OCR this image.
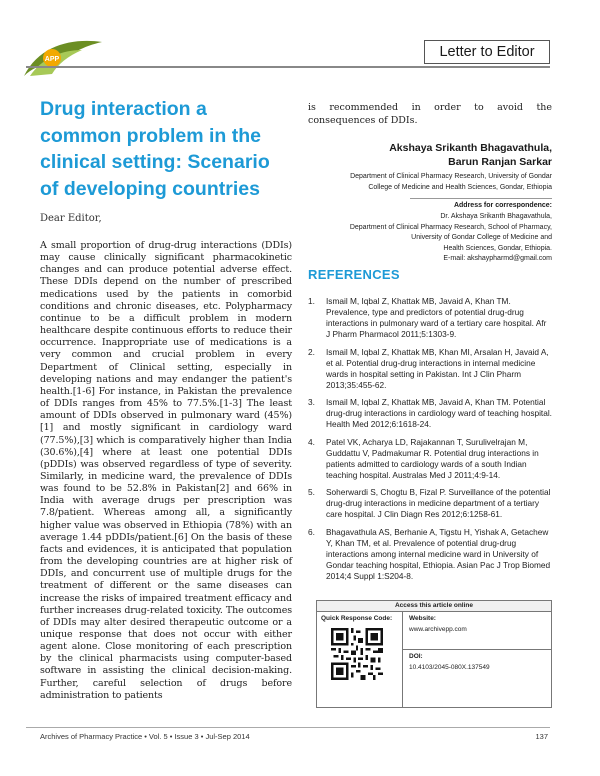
APP	Letter to Editor
Drug interaction a common problem in the clinical setting: Scenario of developing countries
Dear Editor,

A small proportion of drug-drug interactions (DDIs) may cause clinically significant pharmacokinetic changes and can produce potential adverse effect. These DDIs depend on the number of prescribed medications used by the patients in comorbid conditions and chronic diseases, etc. Polypharmacy continue to be a difficult problem in modern healthcare despite continuous efforts to reduce their occurrence. Inappropriate use of medications is a very common and crucial problem in every Department of Clinical setting, especially in developing nations and may endanger the patient's health.[1-6] For instance, in Pakistan the prevalence of DDIs ranges from 45% to 77.5%.[1-3] The least amount of DDIs observed in pulmonary ward (45%)[1] and mostly significant in cardiology ward (77.5%),[3] which is comparatively higher than India (30.6%),[4] where at least one potential DDIs (pDDIs) was observed regardless of type of severity. Similarly, in medicine ward, the prevalence of DDIs was found to be 52.8% in Pakistan[2] and 66% in India with average drugs per prescription was 7.8/patient. Whereas among all, a significantly higher value was observed in Ethiopia (78%) with an average 1.44 pDDIs/patient.[6] On the basis of these facts and evidences, it is anticipated that population from the developing countries are at higher risk of DDIs, and concurrent use of multiple drugs for the treatment of different or the same diseases can increase the risks of impaired treatment efficacy and further increases drug-related toxicity. The outcomes of DDIs may alter desired therapeutic outcome or a unique response that does not occur with either agent alone. Close monitoring of each prescription by the clinical pharmacists using computer-based software in assisting the clinical decision-making. Further, careful selection of drugs before administration to patients

is recommended in order to avoid the consequences of DDIs.
Akshaya Srikanth Bhagavathula,
Barun Ranjan Sarkar
Department of Clinical Pharmacy Research, University of Gondar
College of Medicine and Health Sciences, Gondar, Ethiopia
Address for correspondence:
Dr. Akshaya Srikanth Bhagavathula,
Department of Clinical Pharmacy Research, School of Pharmacy,
University of Gondar College of Medicine and
Health Sciences, Gondar, Ethiopia.
E-mail: akshaypharmd@gmail.com
REFERENCES
1. Ismail M, Iqbal Z, Khattak MB, Javaid A, Khan TM. Prevalence, type and predictors of potential drug-drug interactions in pulmonary ward of a tertiary care hospital. Afr J Pharm Pharmacol 2011;5:1303-9.
2. Ismail M, Iqbal Z, Khattak MB, Khan MI, Arsalan H, Javaid A, et al. Potential drug-drug interactions in internal medicine wards in hospital setting in Pakistan. Int J Clin Pharm 2013;35:455-62.
3. Ismail M, Iqbal Z, Khattak MB, Javaid A, Khan TM. Potential drug-drug interactions in cardiology ward of teaching hospital. Health Med 2012;6:1618-24.
4. Patel VK, Acharya LD, Rajakannan T, Surulivelrajan M, Guddattu V, Padmakumar R. Potential drug interactions in patients admitted to cardiology wards of a south Indian teaching hospital. Australas Med J 2011;4:9-14.
5. Soherwardi S, Chogtu B, Fizal P. Surveillance of the potential drug-drug interactions in medicine department of a tertiary care hospital. J Clin Diagn Res 2012;6:1258-61.
6. Bhagavathula AS, Berhanie A, Tigstu H, Yishak A, Getachew Y, Khan TM, et al. Prevalence of potential drug-drug interactions among internal medicine ward in University of Gondar teaching hospital, Ethiopia. Asian Pac J Trop Biomed 2014;4 Suppl 1:S204-8.
Access this article online
Quick Response Code:	Website:
www.archivepp.com
DOI:
10.4103/2045-080X.137549
Archives of Pharmacy Practice • Vol. 5 • Issue 3 • Jul-Sep 2014	137
